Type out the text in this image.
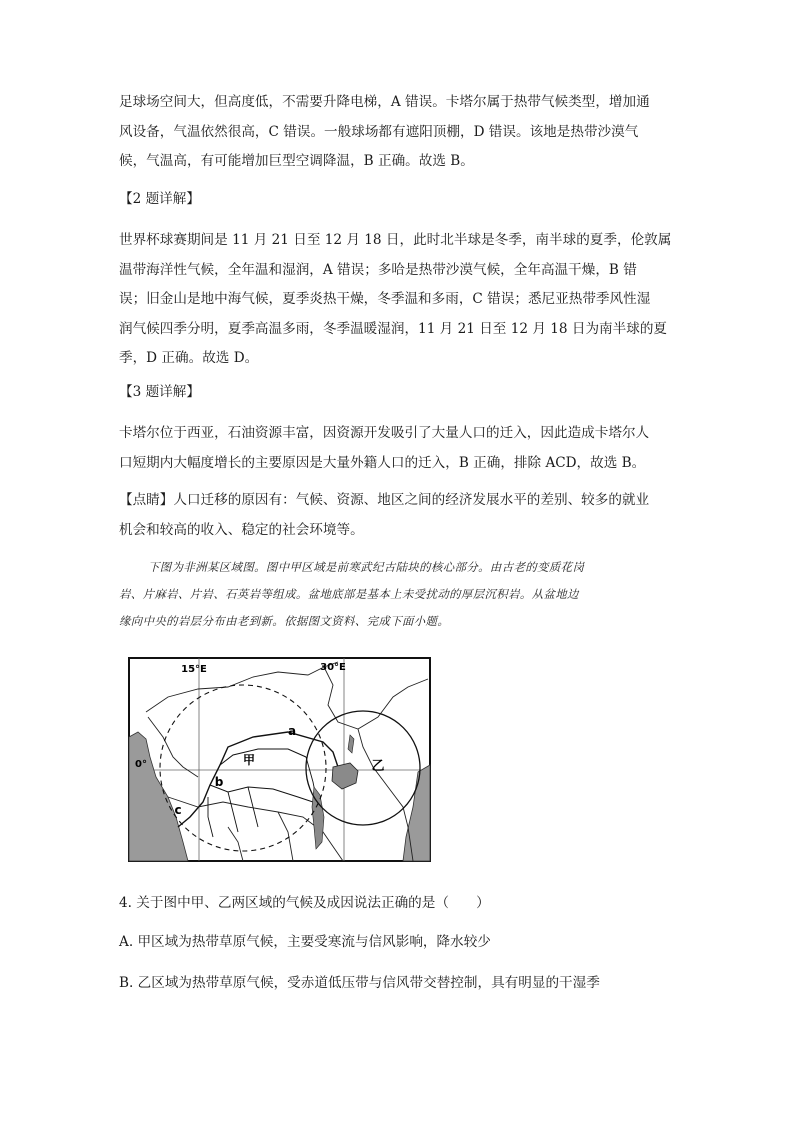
足球场空间大，但高度低，不需要升降电梯，A 错误。卡塔尔属于热带气候类型，增加通
风设备，气温依然很高，C 错误。一般球场都有遮阳顶棚，D 错误。该地是热带沙漠气
候，气温高，有可能增加巨型空调降温，B 正确。故选 B。
【2 题详解】
世界杯球赛期间是 11 月 21 日至 12 月 18 日，此时北半球是冬季，南半球的夏季，伦敦属
温带海洋性气候，全年温和湿润，A 错误；多哈是热带沙漠气候，全年高温干燥，B 错
误；旧金山是地中海气候，夏季炎热干燥，冬季温和多雨，C 错误；悉尼亚热带季风性湿
润气候四季分明，夏季高温多雨，冬季温暖湿润，11 月 21 日至 12 月 18 日为南半球的夏
季，D 正确。故选 D。
【3 题详解】
卡塔尔位于西亚，石油资源丰富，因资源开发吸引了大量人口的迁入，因此造成卡塔尔人
口短期内大幅度增长的主要原因是大量外籍人口的迁入，B 正确，排除 ACD，故选 B。
【点睛】人口迁移的原因有：气候、资源、地区之间的经济发展水平的差别、较多的就业
机会和较高的收入、稳定的社会环境等。
下图为非洲某区域图。图中甲区域是前寒武纪古陆块的核心部分。由古老的变质花岗
岩、片麻岩、片岩、石英岩等组成。盆地底部是基本上未受扰动的厚层沉积岩。从盆地边
缘向中央的岩层分布由老到新。依据图文资料、完成下面小题。
15°E	30°E
0°	甲	乙
a
b
c
4. 关于图中甲、乙两区域的气候及成因说法正确的是（　　）
A. 甲区域为热带草原气候，主要受寒流与信风影响，降水较少
B. 乙区域为热带草原气候，受赤道低压带与信风带交替控制，具有明显的干湿季
